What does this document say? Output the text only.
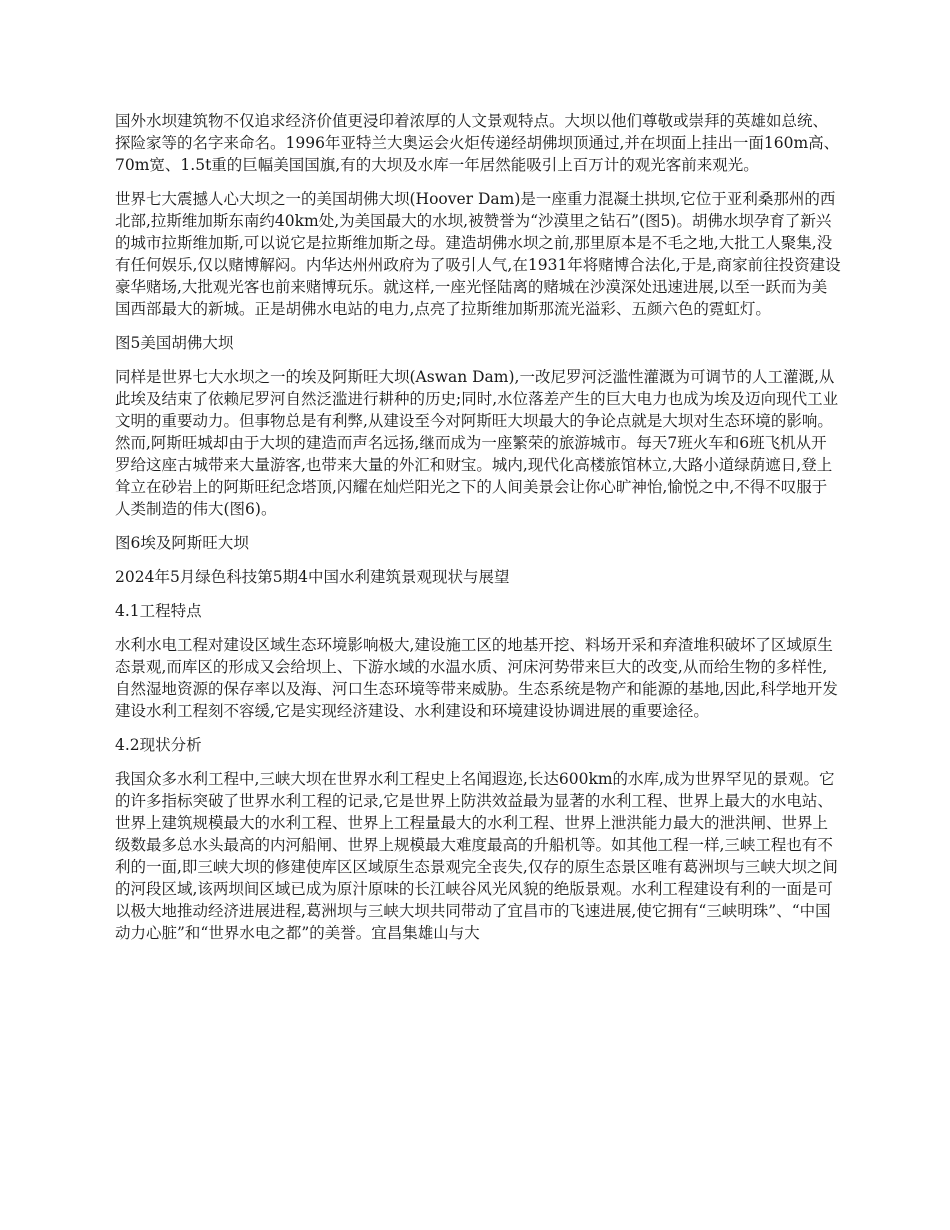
国外水坝建筑物不仅追求经济价值更浸印着浓厚的人文景观特点。大坝以他们尊敬或崇拜的英雄如总统、探险家等的名字来命名。1996年亚特兰大奥运会火炬传递经胡佛坝顶通过,并在坝面上挂出一面160m高、70m宽、1.5t重的巨幅美国国旗,有的大坝及水库一年居然能吸引上百万计的观光客前来观光。

世界七大震撼人心大坝之一的美国胡佛大坝(Hoover Dam)是一座重力混凝土拱坝,它位于亚利桑那州的西北部,拉斯维加斯东南约40km处,为美国最大的水坝,被赞誉为“沙漠里之钻石”(图5)。胡佛水坝孕育了新兴的城市拉斯维加斯,可以说它是拉斯维加斯之母。建造胡佛水坝之前,那里原本是不毛之地,大批工人聚集,没有任何娱乐,仅以赌博解闷。内华达州州政府为了吸引人气,在1931年将赌博合法化,于是,商家前往投资建设豪华赌场,大批观光客也前来赌博玩乐。就这样,一座光怪陆离的赌城在沙漠深处迅速进展,以至一跃而为美国西部最大的新城。正是胡佛水电站的电力,点亮了拉斯维加斯那流光溢彩、五颜六色的霓虹灯。

图5美国胡佛大坝

同样是世界七大水坝之一的埃及阿斯旺大坝(Aswan Dam),一改尼罗河泛滥性灌溉为可调节的人工灌溉,从此埃及结束了依赖尼罗河自然泛滥进行耕种的历史;同时,水位落差产生的巨大电力也成为埃及迈向现代工业文明的重要动力。但事物总是有利弊,从建设至今对阿斯旺大坝最大的争论点就是大坝对生态环境的影响。然而,阿斯旺城却由于大坝的建造而声名远扬,继而成为一座繁荣的旅游城市。每天7班火车和6班飞机从开罗给这座古城带来大量游客,也带来大量的外汇和财宝。城内,现代化高楼旅馆林立,大路小道绿荫遮日,登上耸立在砂岩上的阿斯旺纪念塔顶,闪耀在灿烂阳光之下的人间美景会让你心旷神怡,愉悦之中,不得不叹服于人类制造的伟大(图6)。

图6埃及阿斯旺大坝

2024年5月绿色科技第5期4中国水利建筑景观现状与展望

4.1工程特点

水利水电工程对建设区域生态环境影响极大,建设施工区的地基开挖、料场开采和弃渣堆积破坏了区域原生态景观,而库区的形成又会给坝上、下游水域的水温水质、河床河势带来巨大的改变,从而给生物的多样性,自然湿地资源的保存率以及海、河口生态环境等带来威胁。生态系统是物产和能源的基地,因此,科学地开发建设水利工程刻不容缓,它是实现经济建设、水利建设和环境建设协调进展的重要途径。

4.2现状分析

我国众多水利工程中,三峡大坝在世界水利工程史上名闻遐迩,长达600km的水库,成为世界罕见的景观。它的许多指标突破了世界水利工程的记录,它是世界上防洪效益最为显著的水利工程、世界上最大的水电站、世界上建筑规模最大的水利工程、世界上工程量最大的水利工程、世界上泄洪能力最大的泄洪闸、世界上级数最多总水头最高的内河船闸、世界上规模最大难度最高的升船机等。如其他工程一样,三峡工程也有不利的一面,即三峡大坝的修建使库区区域原生态景观完全丧失,仅存的原生态景区唯有葛洲坝与三峡大坝之间的河段区域,该两坝间区域已成为原汁原味的长江峡谷风光风貌的绝版景观。水利工程建设有利的一面是可以极大地推动经济进展进程,葛洲坝与三峡大坝共同带动了宜昌市的飞速进展,使它拥有“三峡明珠”、“中国动力心脏”和“世界水电之都”的美誉。宜昌集雄山与大
